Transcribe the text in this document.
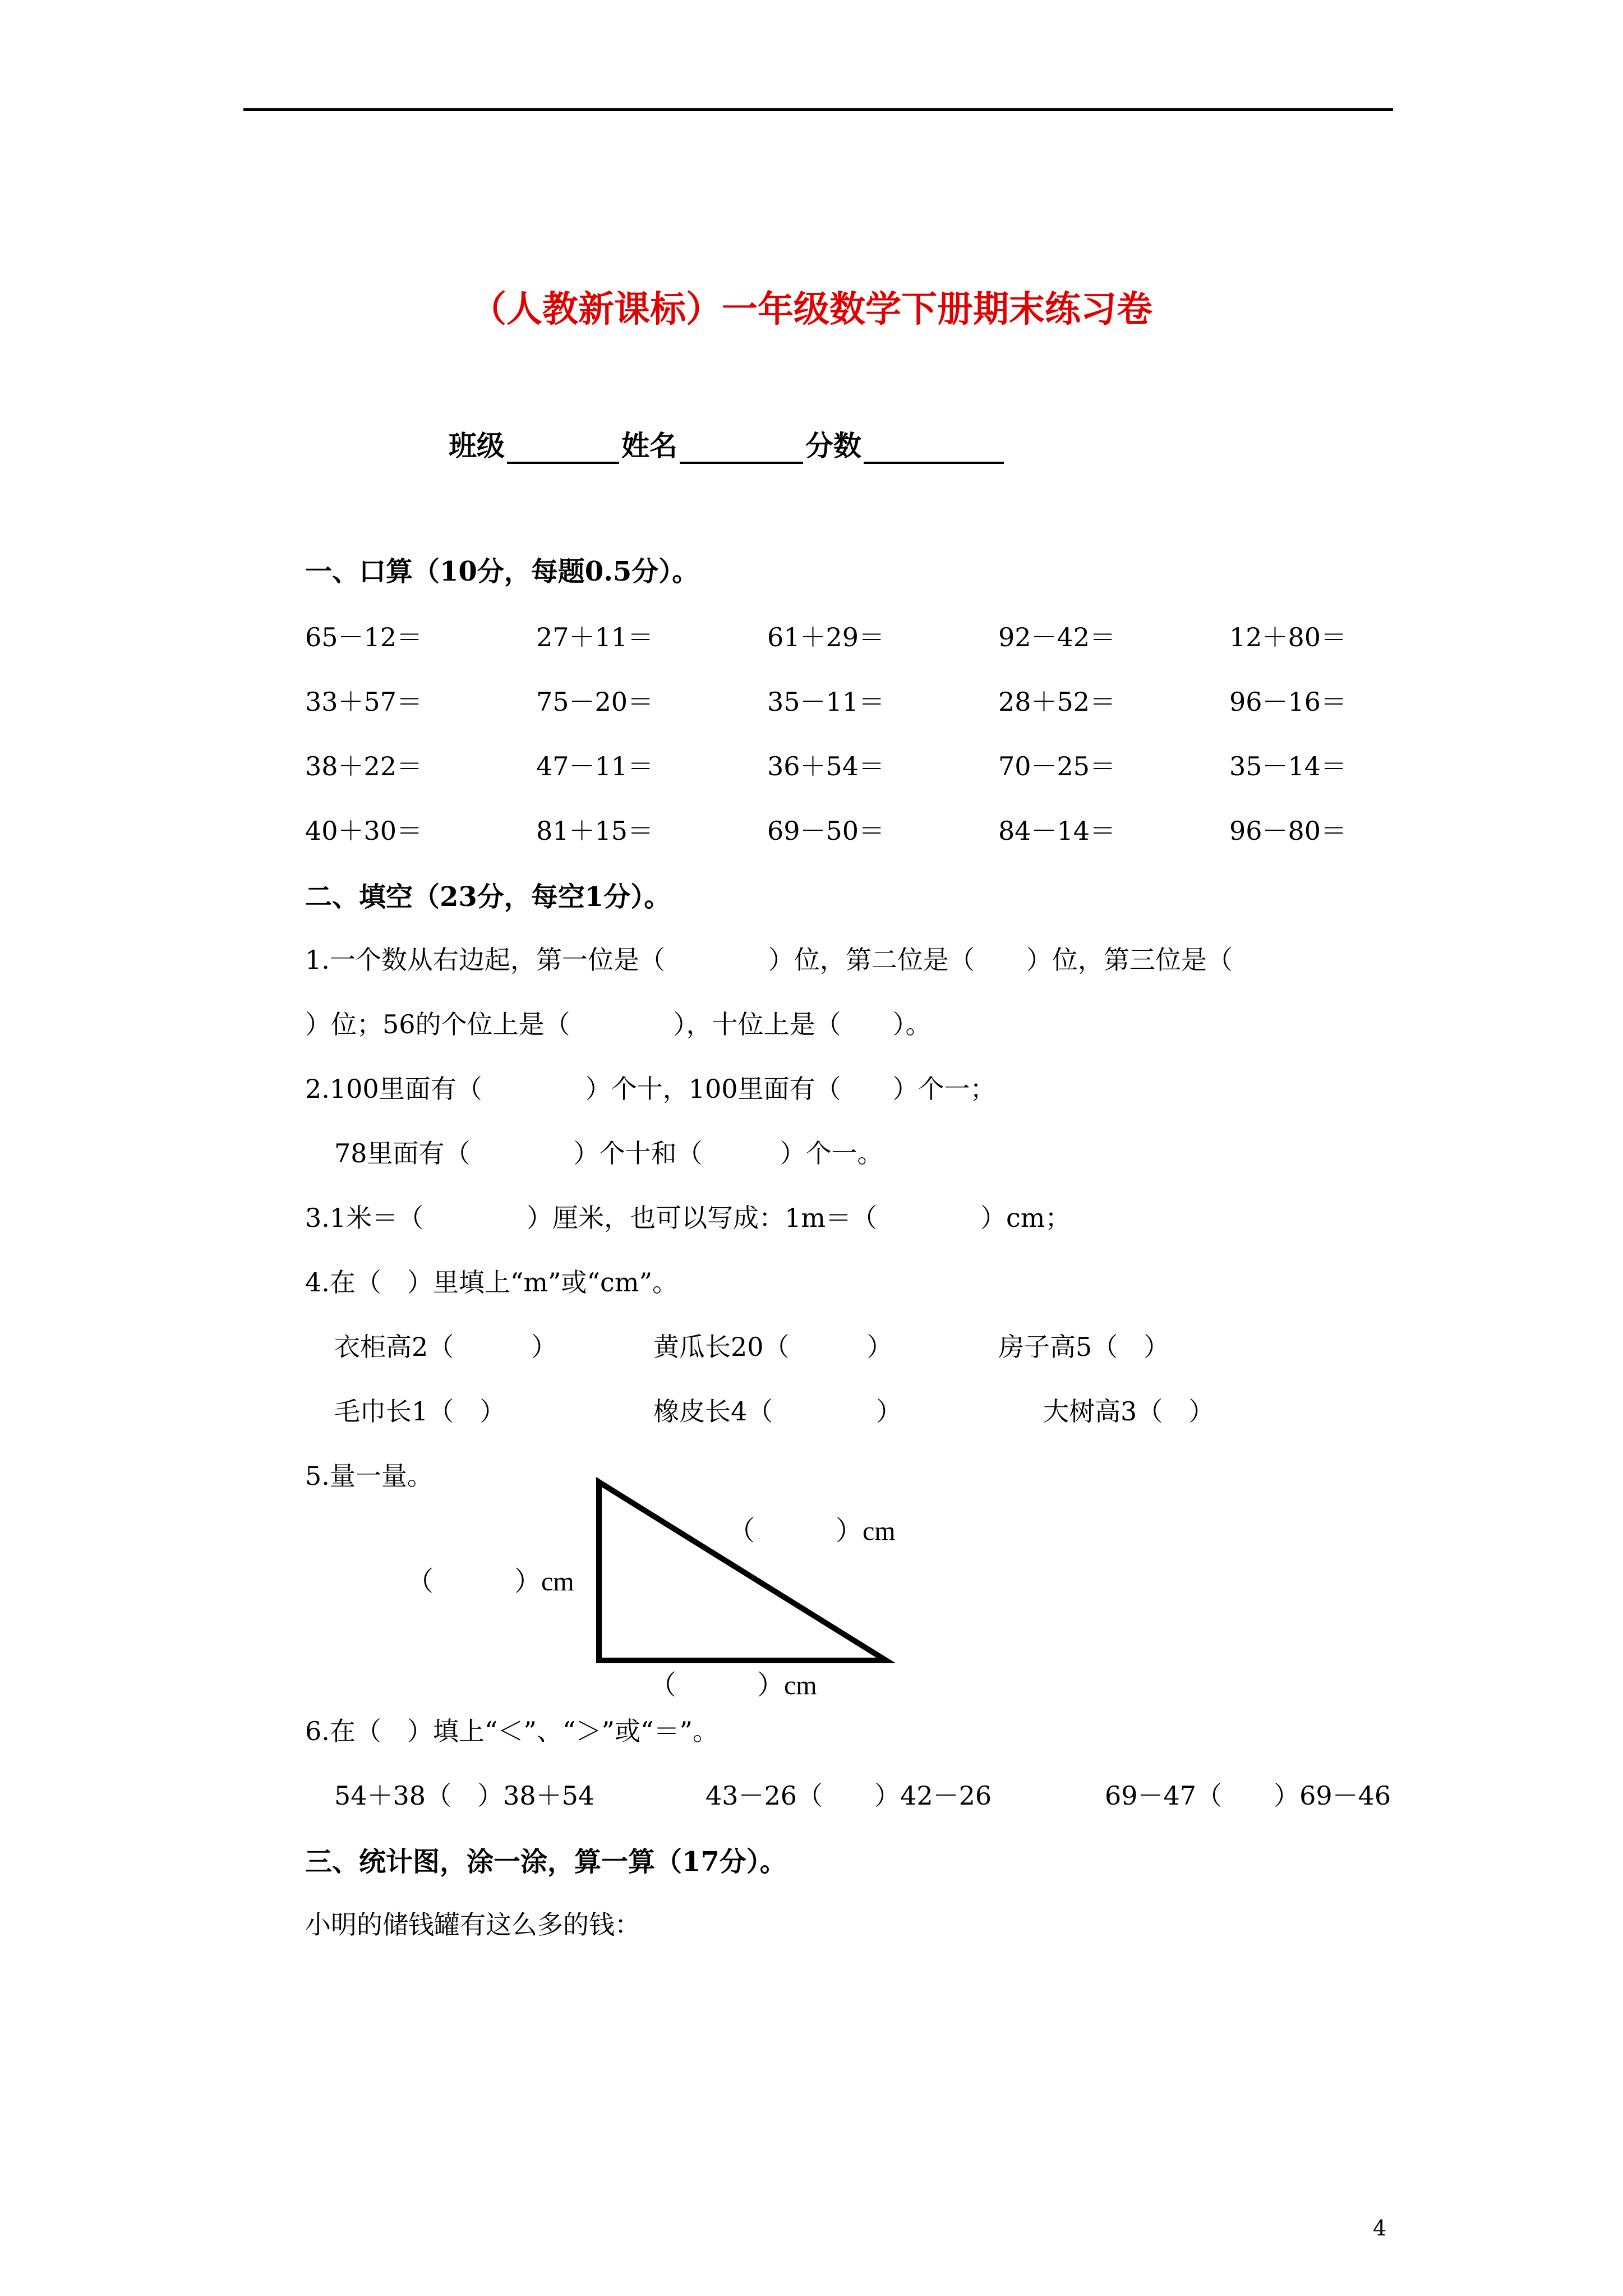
（人教新课标）一年级数学下册期末练习卷
班级	姓名	分数
一、口算（10分，每题0.5分）。
65－12＝	27＋11＝	61＋29＝	92－42＝	12＋80＝
33＋57＝	75－20＝	35－11＝	28＋52＝	96－16＝
38＋22＝	47－11＝	36＋54＝	70－25＝	35－14＝
40＋30＝	81＋15＝	69－50＝	84－14＝	96－80＝
二、填空（23分，每空1分）。
1.一个数从右边起，第一位是（　　　　）位，第二位是（　　）位，第三位是（
）位；56的个位上是（　　　　），十位上是（　　）。
2.100里面有（　　　　）个十，100里面有（　　）个一；
78里面有（　　　　）个十和（　　　）个一。
3.1米＝（　　　　）厘米，也可以写成：1m＝（　　　　）cm；
4.在（　）里填上“m”或“cm”。
衣柜高2（　　　）	黄瓜长20（　　　）	房子高5（　）
毛巾长1（　）	橡皮长4（　　　　）	大树高3（　）
5.量一量。
（　　　）cm
（　　　）cm
（　　　）cm
6.在（　）填上“＜”、“＞”或“＝”。
54＋38（　）38＋54	43－26（　　）42－26	69－47（　　）69－46
三、统计图，涂一涂，算一算（17分）。
小明的储钱罐有这么多的钱：
4
